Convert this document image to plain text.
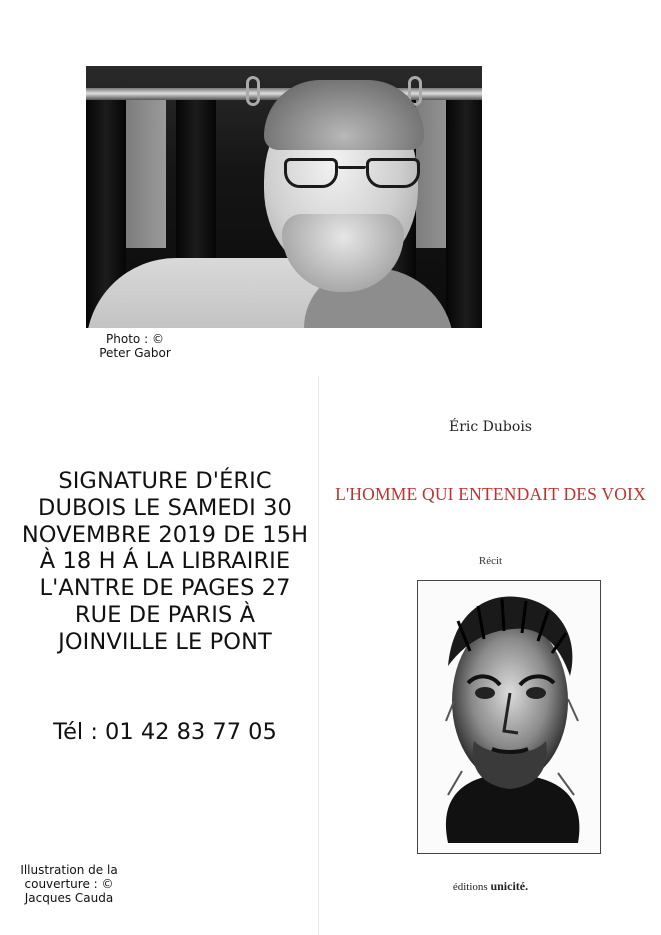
Photo : © Peter Gabor
SIGNATURE D'ÉRIC DUBOIS LE SAMEDI 30 NOVEMBRE 2019 DE 15H À 18 H Á LA LIBRAIRIE L'ANTRE DE PAGES 27 RUE DE PARIS À JOINVILLE LE PONT
Tél : 01 42 83 77 05
Éric Dubois
L'HOMME QUI ENTENDAIT DES VOIX
Récit
éditions unicité.
Illustration de la couverture : © Jacques Cauda
